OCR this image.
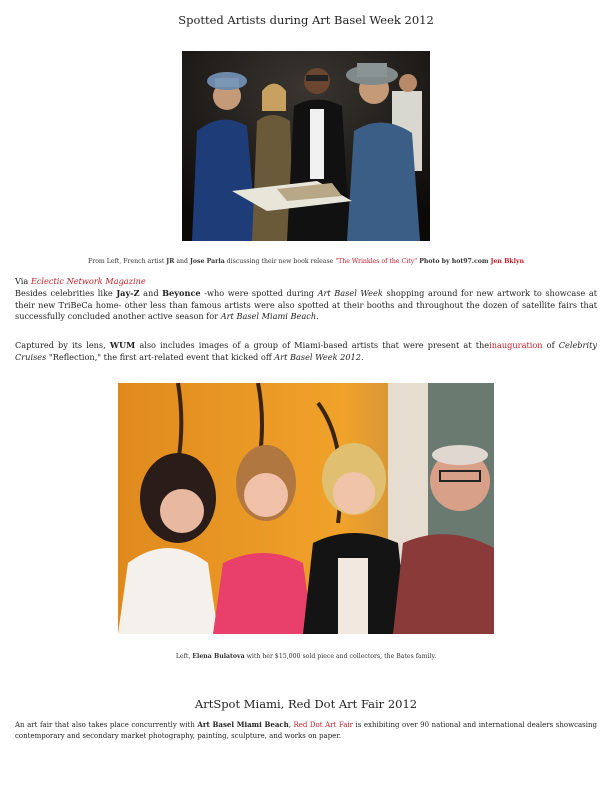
Spotted Artists during Art Basel Week 2012
From Left, French artist JR and Jose Parla discussing their new book release "The Wrinkles of the City" Photo by hot97.com Jen Bklyn
Via Eclectic Network Magazine
Besides celebrities like Jay-Z and Beyonce -who were spotted during Art Basel Week shopping around for new artwork to showcase at their new TriBeCa home- other less than famous artists were also spotted at their booths and throughout the dozen of satellite fairs that successfully concluded another active season for Art Basel Miami Beach.
Captured by its lens, WUM also includes images of a group of Miami-based artists that were present at theinauguration of Celebrity Cruises "Reflection," the first art-related event that kicked off Art Basel Week 2012.
Left, Elena Bulatova with her $15,000 sold piece and collectors, the Bates family.
ArtSpot Miami, Red Dot Art Fair 2012
An art fair that also takes place concurrently with Art Basel Miami Beach, Red Dot Art Fair is exhibiting over 90 national and international dealers showcasing contemporary and secondary market photography, painting, sculpture, and works on paper.
